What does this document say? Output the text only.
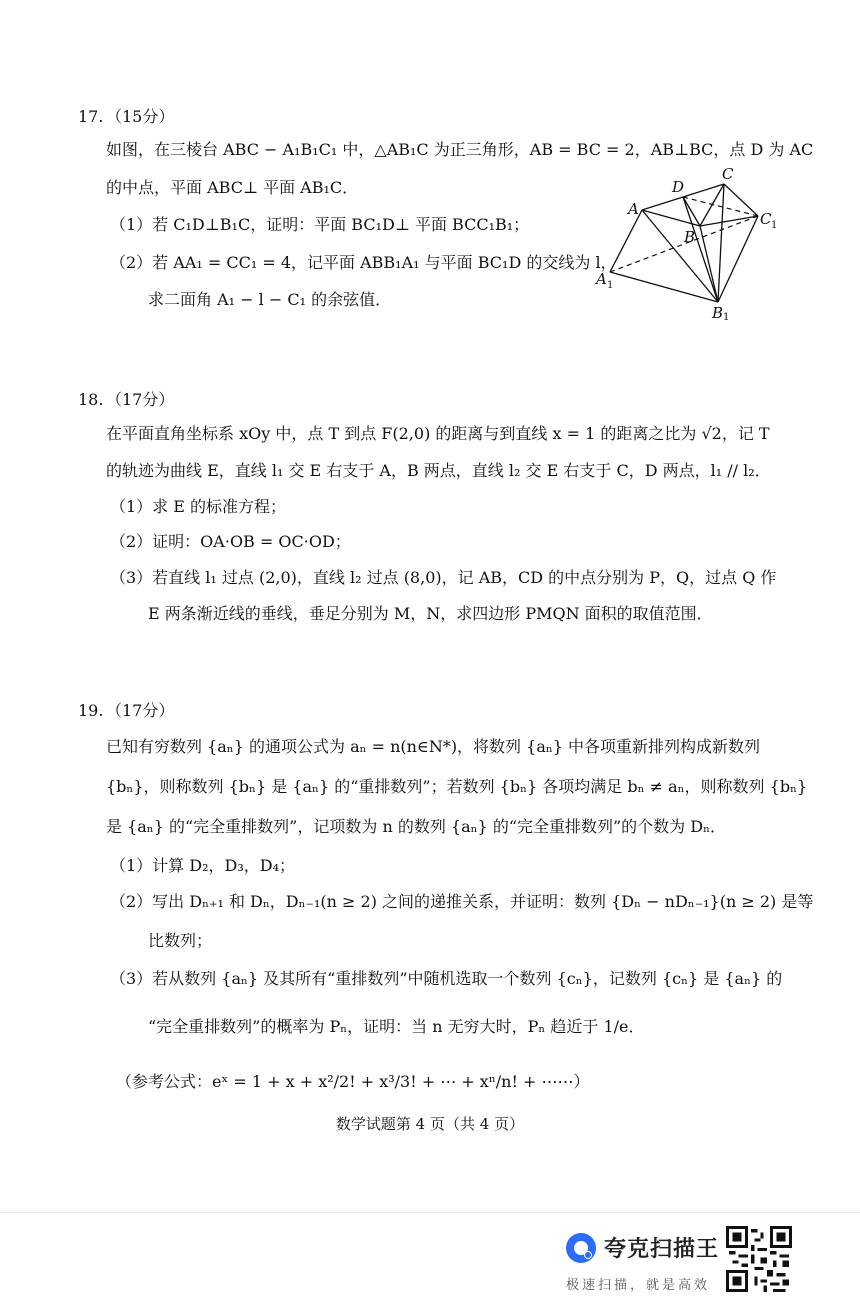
17. （15分）
如图，在三棱台 ABC − A₁B₁C₁ 中，△AB₁C 为正三角形，AB = BC = 2，AB⊥BC，点 D 为 AC
的中点，平面 ABC⊥ 平面 AB₁C．
（1）若 C₁D⊥B₁C，证明：平面 BC₁D⊥ 平面 BCC₁B₁；
（2）若 AA₁ = CC₁ = 4，记平面 ABB₁A₁ 与平面 BC₁D 的交线为 l，
求二面角 A₁ − l − C₁ 的余弦值．
A
D
C
B
C 1
A 1
B 1
18. （17分）
在平面直角坐标系 xOy 中，点 T 到点 F(2,0) 的距离与到直线 x = 1 的距离之比为 √2，记 T
的轨迹为曲线 E，直线 l₁ 交 E 右支于 A，B 两点，直线 l₂ 交 E 右支于 C，D 两点，l₁ // l₂．
（1）求 E 的标准方程；
（2）证明：OA·OB = OC·OD；
（3）若直线 l₁ 过点 (2,0)，直线 l₂ 过点 (8,0)，记 AB，CD 的中点分别为 P，Q，过点 Q 作
E 两条渐近线的垂线，垂足分别为 M，N，求四边形 PMQN 面积的取值范围．
19. （17分）
已知有穷数列 {aₙ} 的通项公式为 aₙ = n(n∈N*)，将数列 {aₙ} 中各项重新排列构成新数列
{bₙ}，则称数列 {bₙ} 是 {aₙ} 的“重排数列”；若数列 {bₙ} 各项均满足 bₙ ≠ aₙ，则称数列 {bₙ}
是 {aₙ} 的“完全重排数列”，记项数为 n 的数列 {aₙ} 的“完全重排数列”的个数为 Dₙ．
（1）计算 D₂，D₃，D₄；
（2）写出 Dₙ₊₁ 和 Dₙ，Dₙ₋₁(n ≥ 2) 之间的递推关系，并证明：数列 {Dₙ − nDₙ₋₁}(n ≥ 2) 是等
比数列；
（3）若从数列 {aₙ} 及其所有“重排数列”中随机选取一个数列 {cₙ}，记数列 {cₙ} 是 {aₙ} 的
“完全重排数列”的概率为 Pₙ，证明：当 n 无穷大时，Pₙ 趋近于 1/e．
（参考公式：eˣ = 1 + x + x²/2! + x³/3! + ⋯ + xⁿ/n! + ⋯⋯）
数学试题第 4 页（共 4 页）
夸克扫描王
极速扫描，就是高效
